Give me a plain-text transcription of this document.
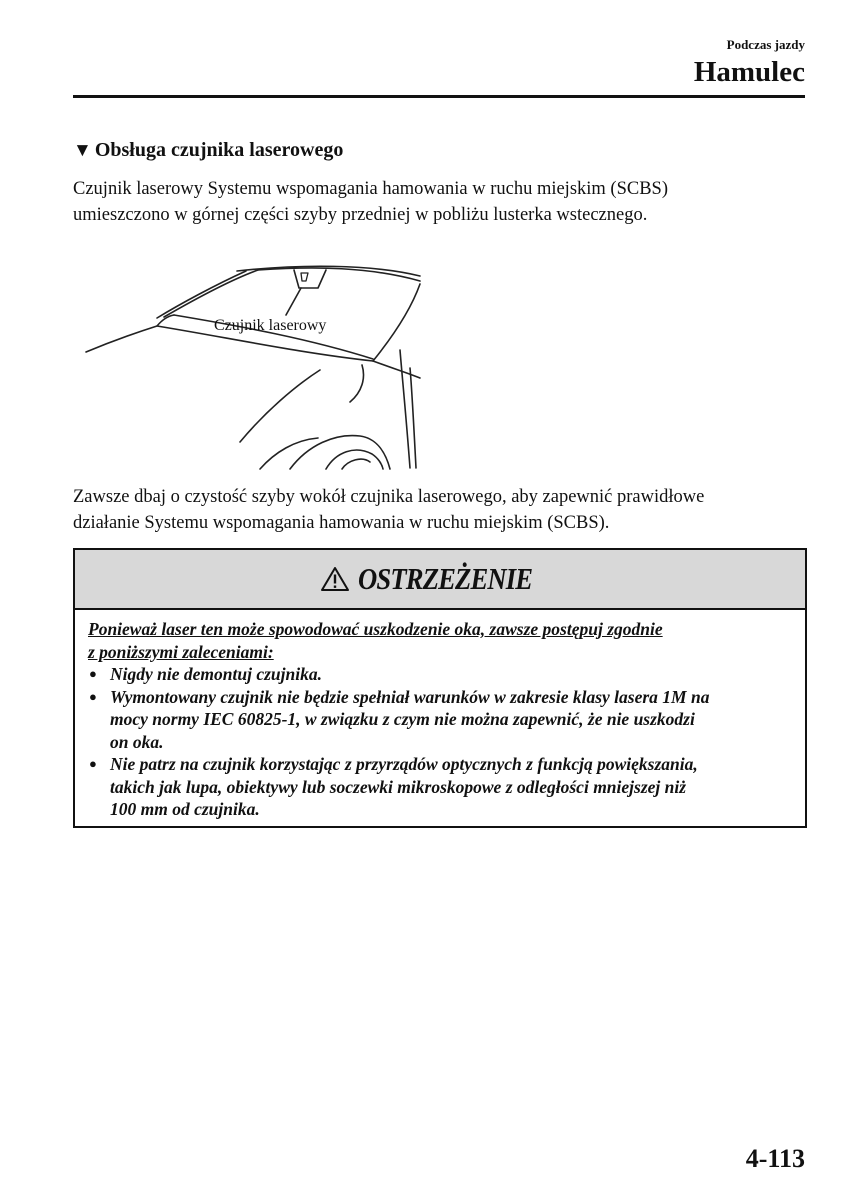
Podczas jazdy
Hamulec
▼ Obsługa czujnika laserowego
Czujnik laserowy Systemu wspomagania hamowania w ruchu miejskim (SCBS)
umieszczono w górnej części szyby przedniej w pobliżu lusterka wstecznego.
Czujnik laserowy
Zawsze dbaj o czystość szyby wokół czujnika laserowego, aby zapewnić prawidłowe
działanie Systemu wspomagania hamowania w ruchu miejskim (SCBS).
OSTRZEŻENIE
Ponieważ laser ten może spowodować uszkodzenie oka, zawsze postępuj zgodnie
z poniższymi zaleceniami:
● Nigdy nie demontuj czujnika.
● Wymontowany czujnik nie będzie spełniał warunków w zakresie klasy lasera 1M na
mocy normy IEC 60825-1, w związku z czym nie można zapewnić, że nie uszkodzi
on oka.
● Nie patrz na czujnik korzystając z przyrządów optycznych z funkcją powiększania,
takich jak lupa, obiektywy lub soczewki mikroskopowe z odległości mniejszej niż
100 mm od czujnika.
4-113
